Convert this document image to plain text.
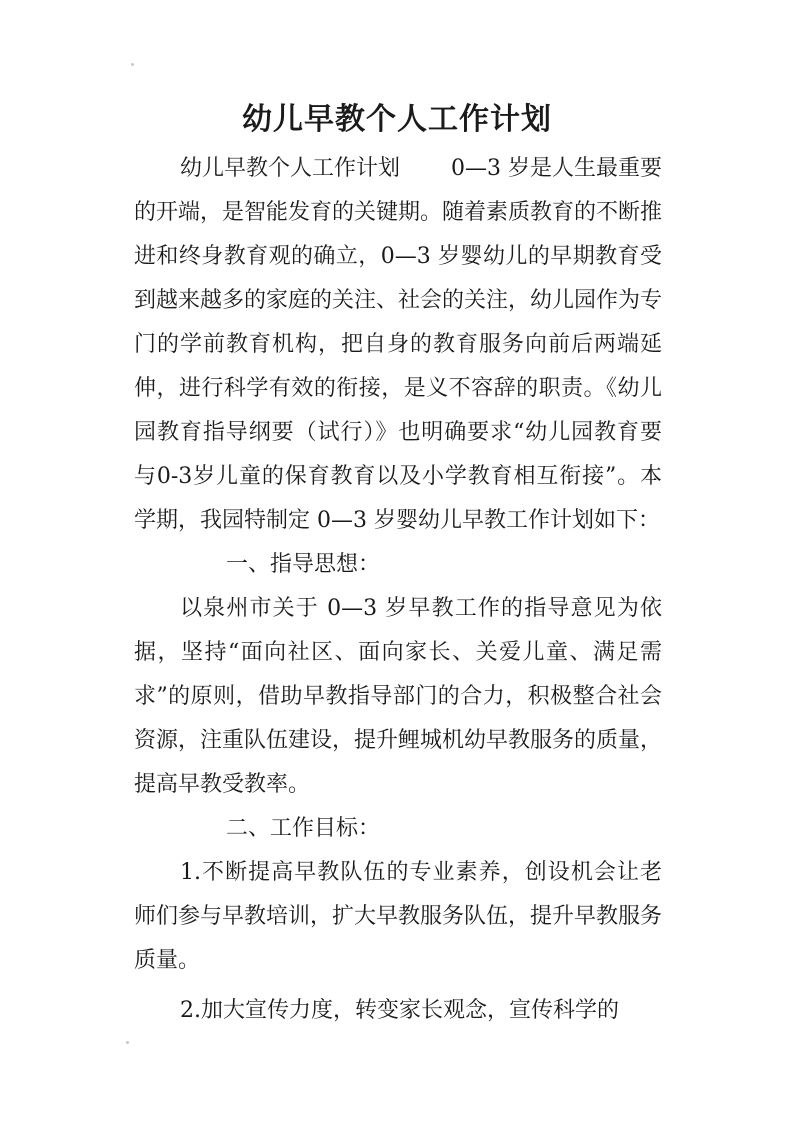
幼儿早教个人工作计划

幼儿早教个人工作计划　　 0—3 岁是人生最重要的开端，是智能发育的关键期。随着素质教育的不断推进和终身教育观的确立，0—3 岁婴幼儿的早期教育受到越来越多的家庭的关注、社会的关注，幼儿园作为专门的学前教育机构，把自身的教育服务向前后两端延伸，进行科学有效的衔接，是义不容辞的职责。《幼儿园教育指导纲要（试行）》也明确要求“幼儿园教育要与0-3岁儿童的保育教育以及小学教育相互衔接”。本学期，我园特制定 0—3 岁婴幼儿早教工作计划如下：

一、指导思想：

以泉州市关于 0—3 岁早教工作的指导意见为依据，坚持“面向社区、面向家长、关爱儿童、满足需求”的原则，借助早教指导部门的合力，积极整合社会资源，注重队伍建设，提升鲤城机幼早教服务的质量，提高早教受教率。

二、工作目标：

1.不断提高早教队伍的专业素养，创设机会让老师们参与早教培训，扩大早教服务队伍，提升早教服务质量。

2.加大宣传力度，转变家长观念，宣传科学的
